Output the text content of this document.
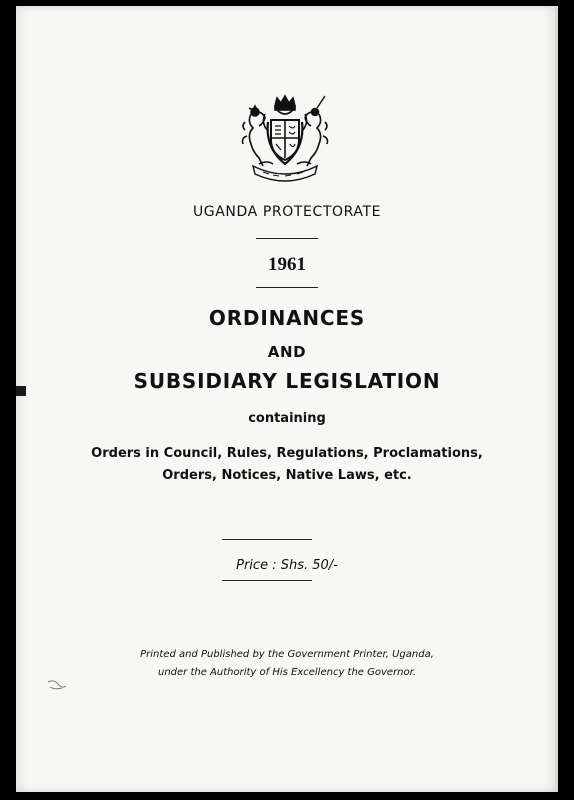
UGANDA PROTECTORATE
1961
ORDINANCES
AND
SUBSIDIARY LEGISLATION
containing
Orders in Council, Rules, Regulations, Proclamations,
Orders, Notices, Native Laws, etc.
Price : Shs. 50/-
Printed and Published by the Government Printer, Uganda,
under the Authority of His Excellency the Governor.
